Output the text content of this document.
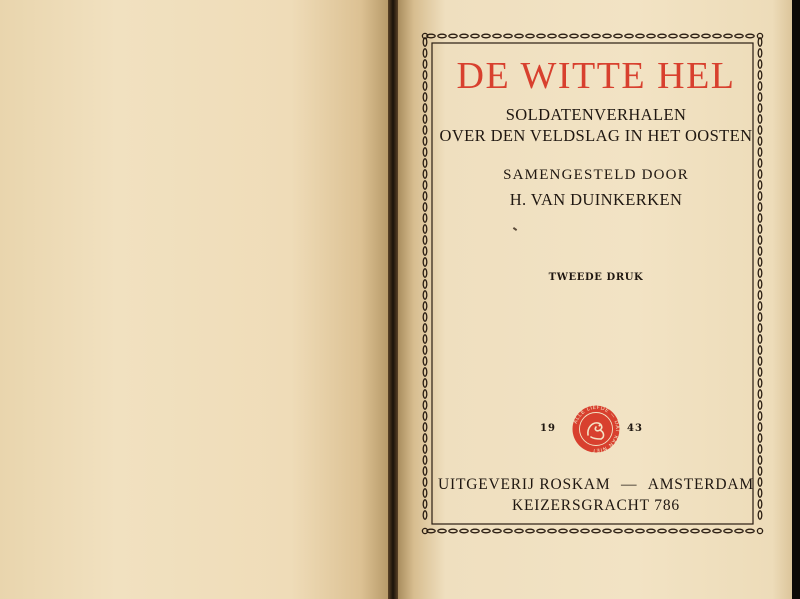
DE WITTE HEL

SOLDATENVERHALEN

OVER DEN VELDSLAG IN HET OOSTEN

SAMENGESTELD DOOR

H. VAN DUINKERKEN

TWEEDE DRUK

19

ALLE LIEFDE — DAT KAN NIET

43

UITGEVERIJ ROSKAM — AMSTERDAM

KEIZERSGRACHT 786
